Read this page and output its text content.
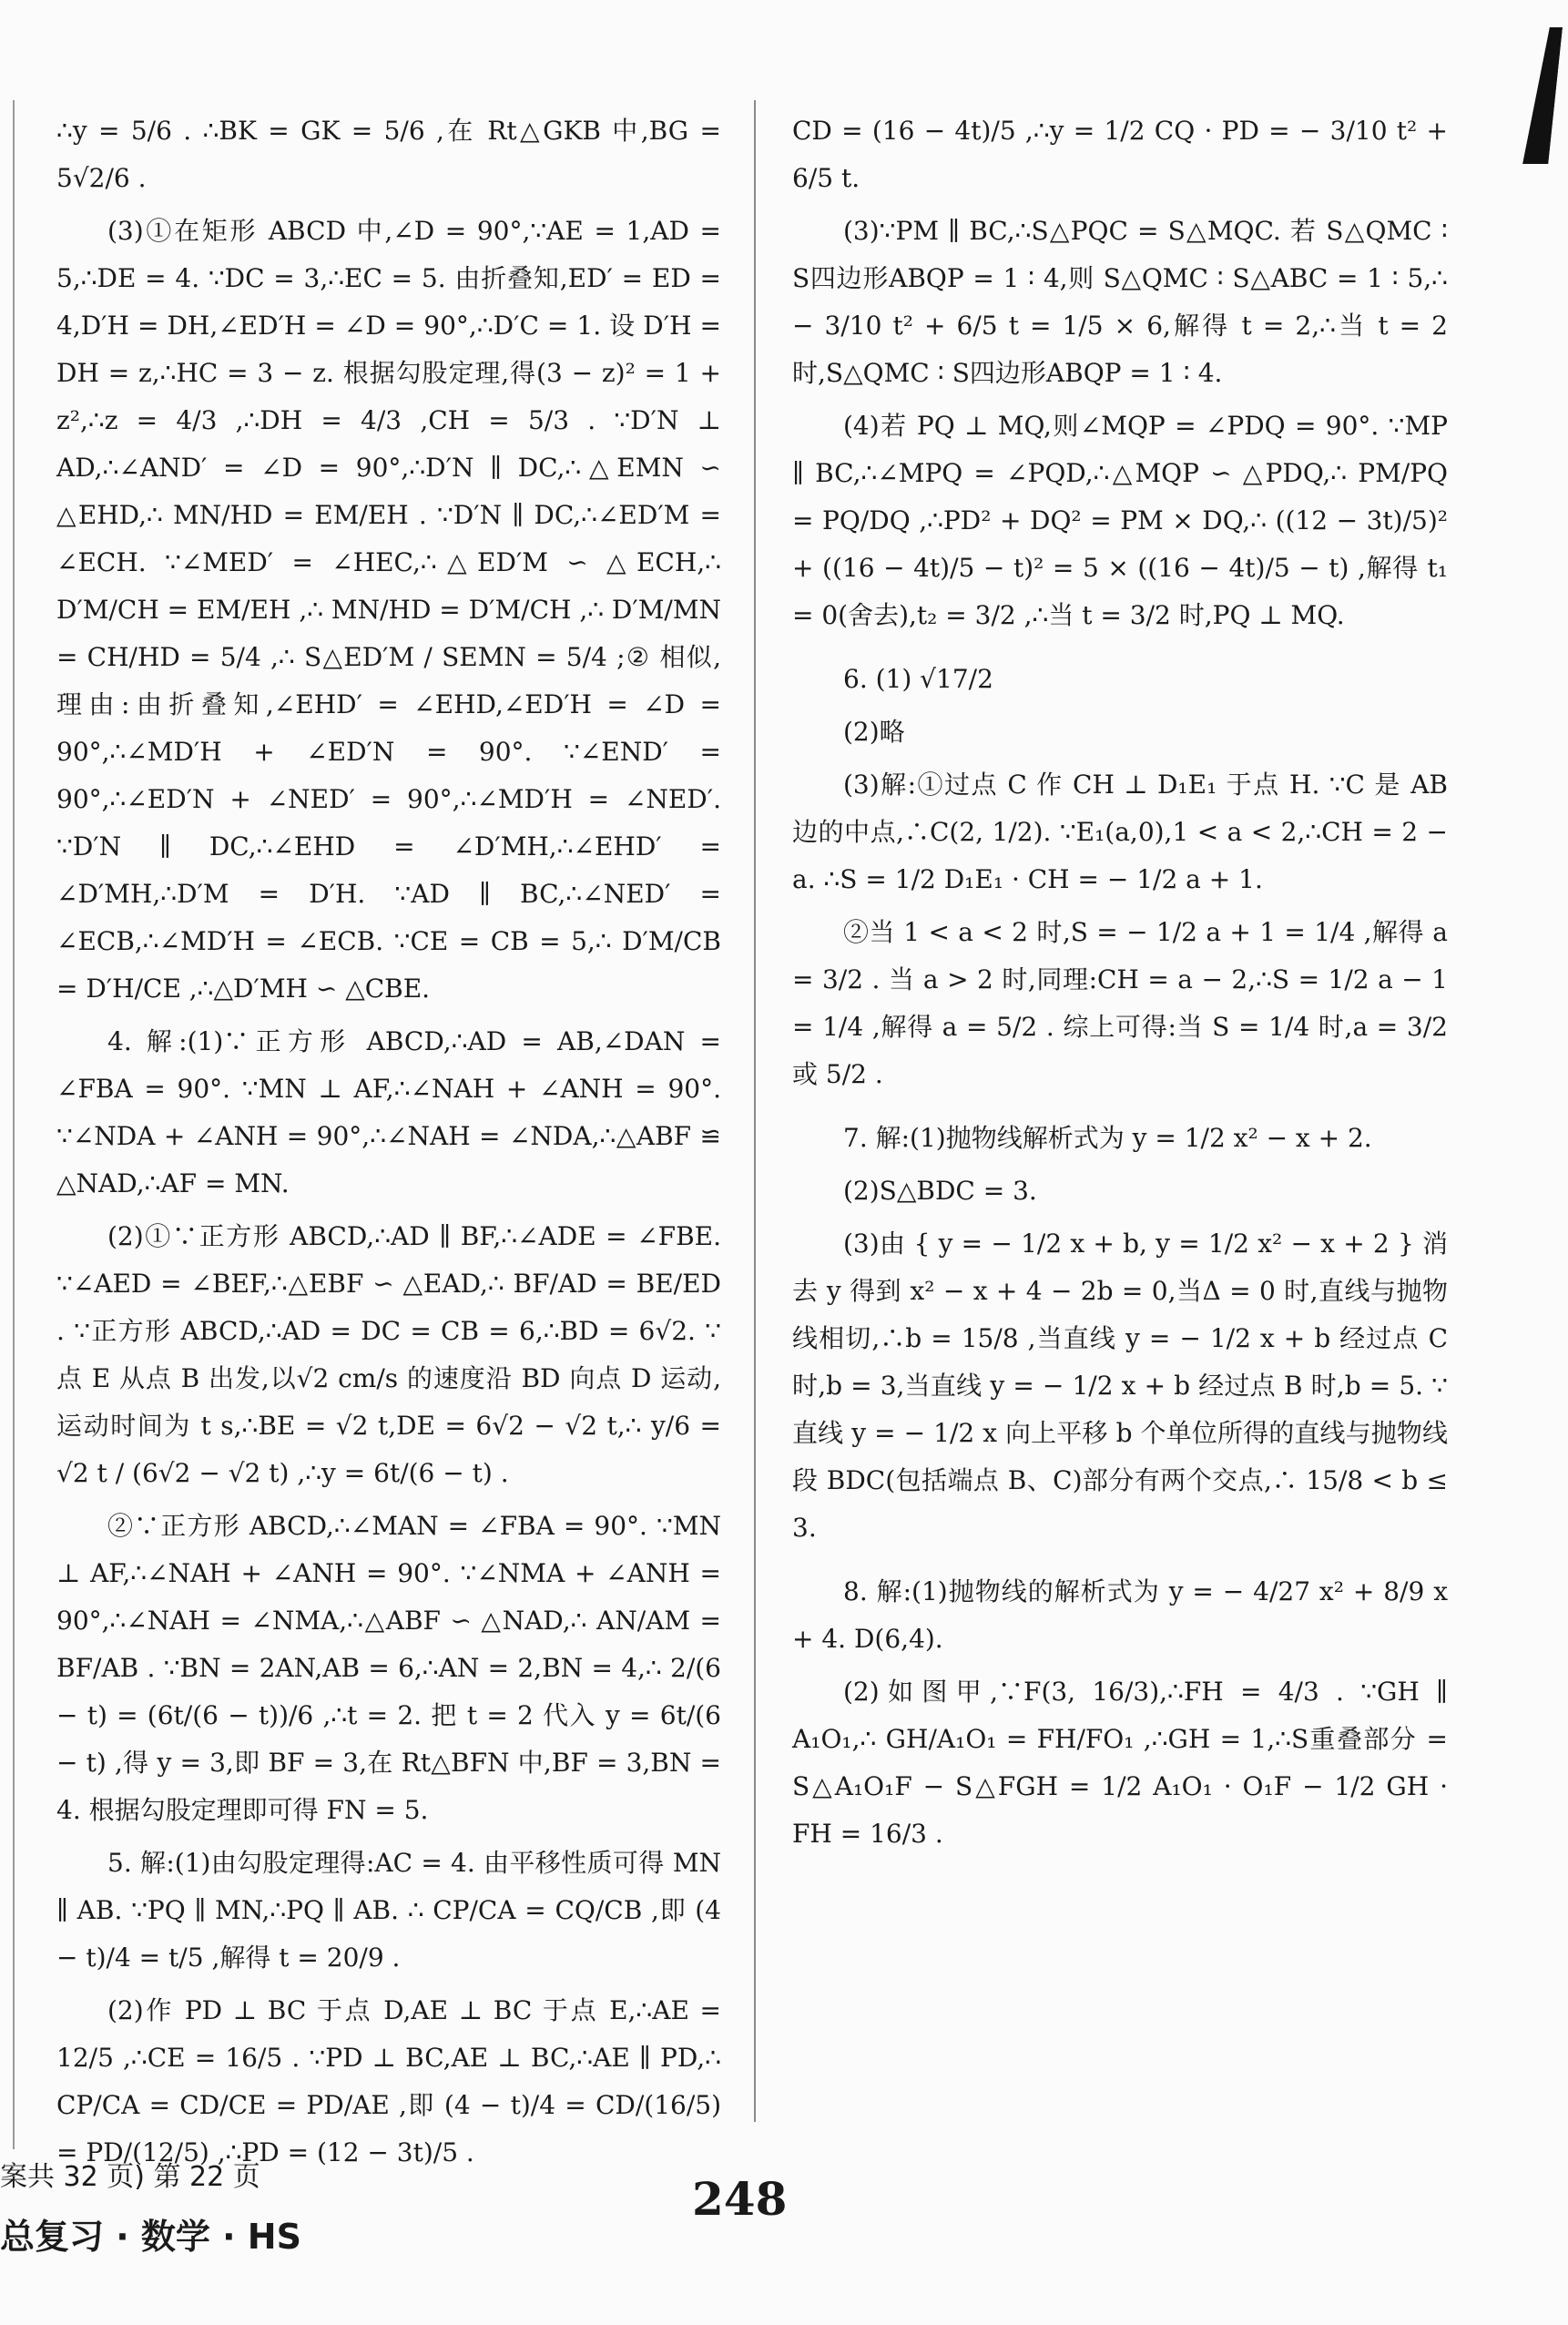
∴y = 5/6 . ∴BK = GK = 5/6 ,在 Rt△GKB 中,BG = 5√2/6 .

(3)①在矩形 ABCD 中,∠D = 90°,∵AE = 1,AD = 5,∴DE = 4. ∵DC = 3,∴EC = 5. 由折叠知,ED′ = ED = 4,D′H = DH,∠ED′H = ∠D = 90°,∴D′C = 1. 设 D′H = DH = z,∴HC = 3 − z. 根据勾股定理,得(3 − z)² = 1 + z²,∴z = 4/3 ,∴DH = 4/3 ,CH = 5/3 . ∵D′N ⊥ AD,∴∠AND′ = ∠D = 90°,∴D′N ∥ DC,∴△EMN ∽ △EHD,∴ MN/HD = EM/EH . ∵D′N ∥ DC,∴∠ED′M = ∠ECH. ∵∠MED′ = ∠HEC,∴△ED′M ∽ △ECH,∴ D′M/CH = EM/EH ,∴ MN/HD = D′M/CH ,∴ D′M/MN = CH/HD = 5/4 ,∴ S△ED′M / SEMN = 5/4 ;② 相似,理由:由折叠知,∠EHD′ = ∠EHD,∠ED′H = ∠D = 90°,∴∠MD′H + ∠ED′N = 90°. ∵∠END′ = 90°,∴∠ED′N + ∠NED′ = 90°,∴∠MD′H = ∠NED′. ∵D′N ∥ DC,∴∠EHD = ∠D′MH,∴∠EHD′ = ∠D′MH,∴D′M = D′H. ∵AD ∥ BC,∴∠NED′ = ∠ECB,∴∠MD′H = ∠ECB. ∵CE = CB = 5,∴ D′M/CB = D′H/CE ,∴△D′MH ∽ △CBE.

4. 解:(1)∵正方形 ABCD,∴AD = AB,∠DAN = ∠FBA = 90°. ∵MN ⊥ AF,∴∠NAH + ∠ANH = 90°. ∵∠NDA + ∠ANH = 90°,∴∠NAH = ∠NDA,∴△ABF ≌ △NAD,∴AF = MN.

(2)①∵正方形 ABCD,∴AD ∥ BF,∴∠ADE = ∠FBE. ∵∠AED = ∠BEF,∴△EBF ∽ △EAD,∴ BF/AD = BE/ED . ∵正方形 ABCD,∴AD = DC = CB = 6,∴BD = 6√2. ∵点 E 从点 B 出发,以√2 cm/s 的速度沿 BD 向点 D 运动,运动时间为 t s,∴BE = √2 t,DE = 6√2 − √2 t,∴ y/6 = √2 t / (6√2 − √2 t) ,∴y = 6t/(6 − t) .

②∵正方形 ABCD,∴∠MAN = ∠FBA = 90°. ∵MN ⊥ AF,∴∠NAH + ∠ANH = 90°. ∵∠NMA + ∠ANH = 90°,∴∠NAH = ∠NMA,∴△ABF ∽ △NAD,∴ AN/AM = BF/AB . ∵BN = 2AN,AB = 6,∴AN = 2,BN = 4,∴ 2/(6 − t) = (6t/(6 − t))/6 ,∴t = 2. 把 t = 2 代入 y = 6t/(6 − t) ,得 y = 3,即 BF = 3,在 Rt△BFN 中,BF = 3,BN = 4. 根据勾股定理即可得 FN = 5.

5. 解:(1)由勾股定理得:AC = 4. 由平移性质可得 MN ∥ AB. ∵PQ ∥ MN,∴PQ ∥ AB. ∴ CP/CA = CQ/CB ,即 (4 − t)/4 = t/5 ,解得 t = 20/9 .

(2)作 PD ⊥ BC 于点 D,AE ⊥ BC 于点 E,∴AE = 12/5 ,∴CE = 16/5 . ∵PD ⊥ BC,AE ⊥ BC,∴AE ∥ PD,∴ CP/CA = CD/CE = PD/AE ,即 (4 − t)/4 = CD/(16/5) = PD/(12/5) ,∴PD = (12 − 3t)/5 .

CD = (16 − 4t)/5 ,∴y = 1/2 CQ · PD = − 3/10 t² + 6/5 t.

(3)∵PM ∥ BC,∴S△PQC = S△MQC. 若 S△QMC ∶ S四边形ABQP = 1 ∶ 4,则 S△QMC ∶ S△ABC = 1 ∶ 5,∴ − 3/10 t² + 6/5 t = 1/5 × 6,解得 t = 2,∴当 t = 2 时,S△QMC ∶ S四边形ABQP = 1 ∶ 4.

(4)若 PQ ⊥ MQ,则∠MQP = ∠PDQ = 90°. ∵MP ∥ BC,∴∠MPQ = ∠PQD,∴△MQP ∽ △PDQ,∴ PM/PQ = PQ/DQ ,∴PD² + DQ² = PM × DQ,∴ ((12 − 3t)/5)² + ((16 − 4t)/5 − t)² = 5 × ((16 − 4t)/5 − t) ,解得 t₁ = 0(舍去),t₂ = 3/2 ,∴当 t = 3/2 时,PQ ⊥ MQ.

6. (1) √17/2

(2)略

(3)解:①过点 C 作 CH ⊥ D₁E₁ 于点 H. ∵C 是 AB 边的中点,∴C(2, 1/2). ∵E₁(a,0),1 < a < 2,∴CH = 2 − a. ∴S = 1/2 D₁E₁ · CH = − 1/2 a + 1.

②当 1 < a < 2 时,S = − 1/2 a + 1 = 1/4 ,解得 a = 3/2 . 当 a > 2 时,同理:CH = a − 2,∴S = 1/2 a − 1 = 1/4 ,解得 a = 5/2 . 综上可得:当 S = 1/4 时,a = 3/2 或 5/2 .

7. 解:(1)抛物线解析式为 y = 1/2 x² − x + 2.

(2)S△BDC = 3.

(3)由 { y = − 1/2 x + b, y = 1/2 x² − x + 2 } 消去 y 得到 x² − x + 4 − 2b = 0,当Δ = 0 时,直线与抛物线相切,∴b = 15/8 ,当直线 y = − 1/2 x + b 经过点 C 时,b = 3,当直线 y = − 1/2 x + b 经过点 B 时,b = 5. ∵直线 y = − 1/2 x 向上平移 b 个单位所得的直线与抛物线段 BDC(包括端点 B、C)部分有两个交点,∴ 15/8 < b ≤ 3.

8. 解:(1)抛物线的解析式为 y = − 4/27 x² + 8/9 x + 4. D(6,4).

(2)如图甲,∵F(3, 16/3),∴FH = 4/3 . ∵GH ∥ A₁O₁,∴ GH/A₁O₁ = FH/FO₁ ,∴GH = 1,∴S重叠部分 = S△A₁O₁F − S△FGH = 1/2 A₁O₁ · O₁F − 1/2 GH · FH = 16/3 .

案共 32 页) 第 22 页
总复习 · 数学 · HS
248
